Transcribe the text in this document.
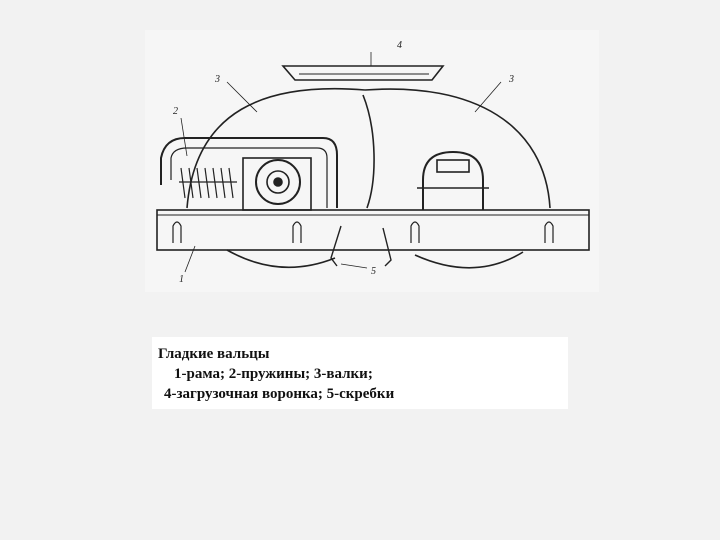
4
3	3
2
1
5
Гладкие вальцы
1-рама; 2-пружины; 3-валки;
4-загрузочная воронка; 5-скребки
